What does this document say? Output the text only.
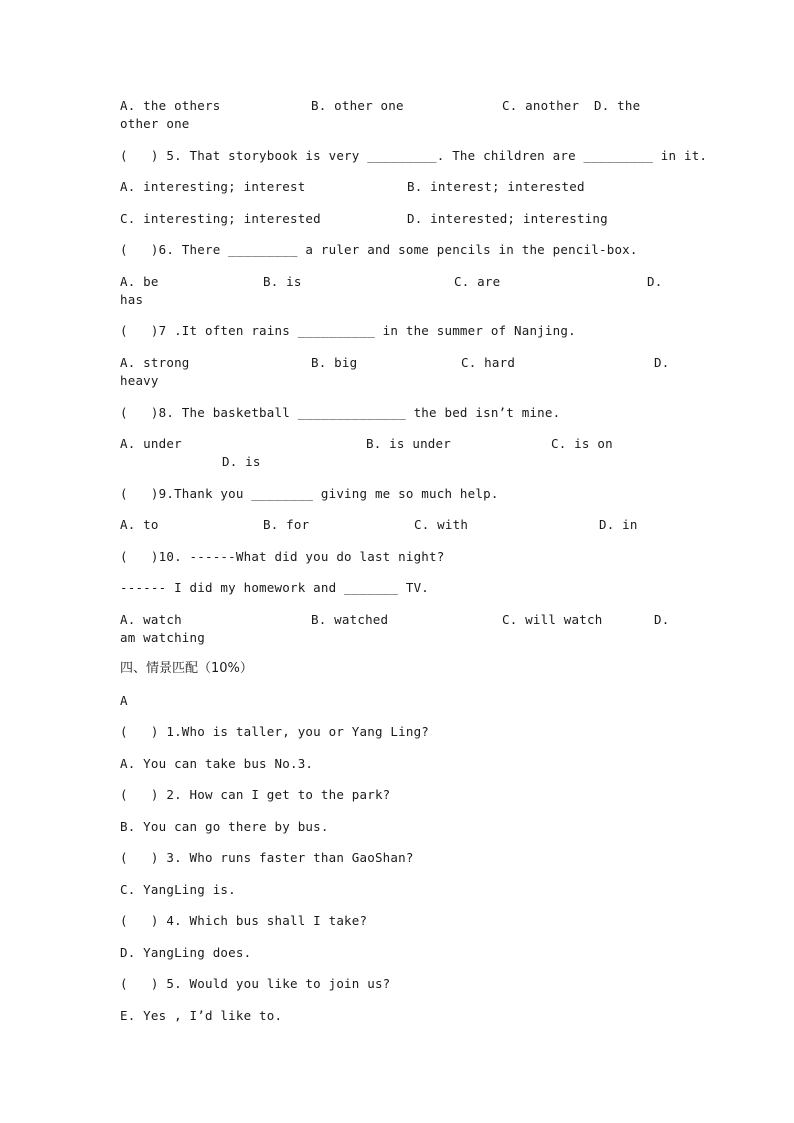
A. the others	B. other one	C. another D. the
other one
(   ) 5. That storybook is very _________. The children are _________ in it.
A. interesting; interest	B. interest; interested
C. interesting; interested	D. interested; interesting
(   )6. There _________ a ruler and some pencils in the pencil-box.
A. be	B. is	C. are	D.
has
(   )7 .It often rains __________ in the summer of Nanjing.
A. strong	B. big	C. hard	D.
heavy
(   )8. The basketball ______________ the bed isn’t mine.
A. under	B. is under	C. is on
D. is
(   )9.Thank you ________ giving me so much help.
A. to	B. for	C. with	D. in
(   )10. ------What did you do last night?
------ I did my homework and _______ TV.
A. watch	B. watched	C. will watch	D.
am watching
四、情景匹配（10%）
A
(   ) 1.Who is taller, you or Yang Ling?
A. You can take bus No.3.
(   ) 2. How can I get to the park?
B. You can go there by bus.
(   ) 3. Who runs faster than GaoShan?
C. YangLing is.
(   ) 4. Which bus shall I take?
D. YangLing does.
(   ) 5. Would you like to join us?
E. Yes , I’d like to.
